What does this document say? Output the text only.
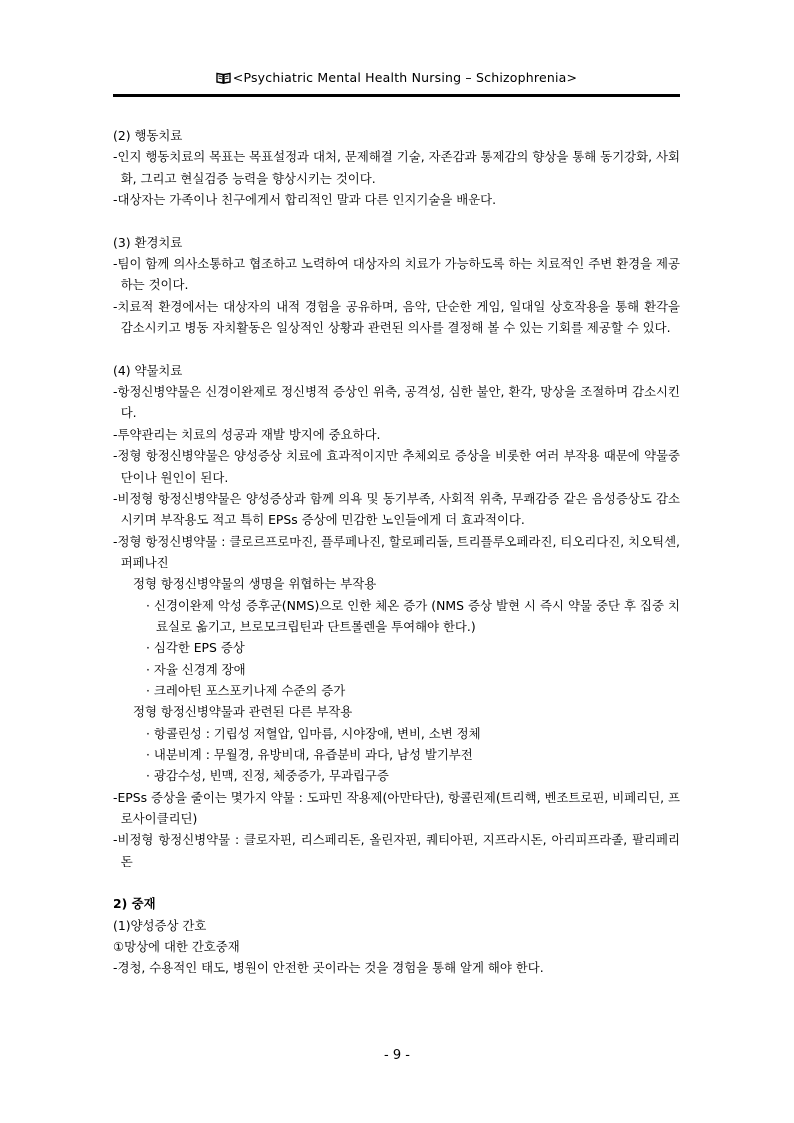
<Psychiatric Mental Health Nursing – Schizophrenia>

(2) 행동치료

-인지 행동치료의 목표는 목표설정과 대처, 문제해결 기술, 자존감과 통제감의 향상을 통해 동기강화, 사회화, 그리고 현실검증 능력을 향상시키는 것이다.

-대상자는 가족이나 친구에게서 합리적인 말과 다른 인지기술을 배운다.

(3) 환경치료

-팀이 함께 의사소통하고 협조하고 노력하여 대상자의 치료가 가능하도록 하는 치료적인 주변 환경을 제공하는 것이다.

-치료적 환경에서는 대상자의 내적 경험을 공유하며, 음악, 단순한 게임, 일대일 상호작용을 통해 환각을 감소시키고 병동 자치활동은 일상적인 상황과 관련된 의사를 결정해 볼 수 있는 기회를 제공할 수 있다.

(4) 약물치료

-항정신병약물은 신경이완제로 정신병적 증상인 위축, 공격성, 심한 불안, 환각, 망상을 조절하며 감소시킨다.

-투약관리는 치료의 성공과 재발 방지에 중요하다.

-정형 항정신병약물은 양성증상 치료에 효과적이지만 추체외로 증상을 비롯한 여러 부작용 때문에 약물중단이나 원인이 된다.

-비정형 항정신병약물은 양성증상과 함께 의욕 및 동기부족, 사회적 위축, 무쾌감증 같은 음성증상도 감소시키며 부작용도 적고 특히 EPSs 증상에 민감한 노인들에게 더 효과적이다.

-정형 항정신병약물 : 클로르프로마진, 플루페나진, 할로페리돌, 트리플루오페라진, 티오리다진, 치오틱센, 퍼페나진

정형 항정신병약물의 생명을 위협하는 부작용

· 신경이완제 악성 증후군(NMS)으로 인한 체온 증가 (NMS 증상 발현 시 즉시 약물 중단 후 집중 치 료실로 옮기고, 브로모크립틴과 단트롤렌을 투여해야 한다.)

· 심각한 EPS 증상

· 자율 신경계 장애

· 크레아틴 포스포키나제 수준의 증가

정형 항정신병약물과 관련된 다른 부작용

· 항콜린성 : 기립성 저혈압, 입마름, 시야장애, 변비, 소변 정체

· 내분비계 : 무월경, 유방비대, 유즙분비 과다, 남성 발기부전

· 광감수성, 빈맥, 진정, 체중증가, 무과립구증

-EPSs 증상을 줄이는 몇가지 약물 : 도파민 작용제(아만타단), 항콜린제(트리핵, 벤조트로핀, 비페리딘, 프로사이클리딘)

-비정형 항정신병약물 : 클로자핀, 리스페리돈, 올린자핀, 퀘티아핀, 지프라시돈, 아리피프라졸, 팔리페리돈

2) 중재

(1)양성증상 간호

①망상에 대한 간호중재

-경청, 수용적인 태도, 병원이 안전한 곳이라는 것을 경험을 통해 알게 해야 한다.

- 9 -
